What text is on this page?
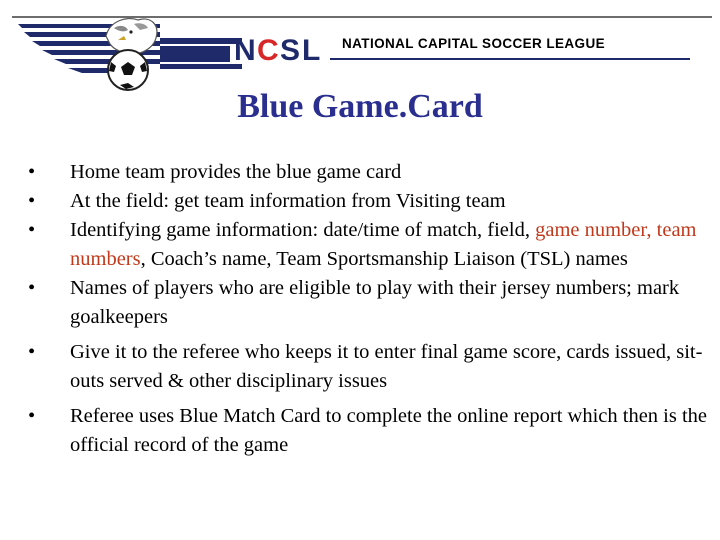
N C S L NATIONAL CAPITAL SOCCER LEAGUE
Blue Game.Card
•	Home team provides the blue game card
•	At the field: get team information from Visiting team
•	Identifying game information: date/time of match, field, game number, team numbers, Coach’s name, Team Sportsmanship Liaison (TSL) names
•	Names of players who are eligible to play with their jersey numbers; mark goalkeepers
•	Give it to the referee who keeps it to enter final game score, cards issued, sit-outs served & other disciplinary issues
•	Referee uses Blue Match Card to complete the online report which then is the official record of the game
